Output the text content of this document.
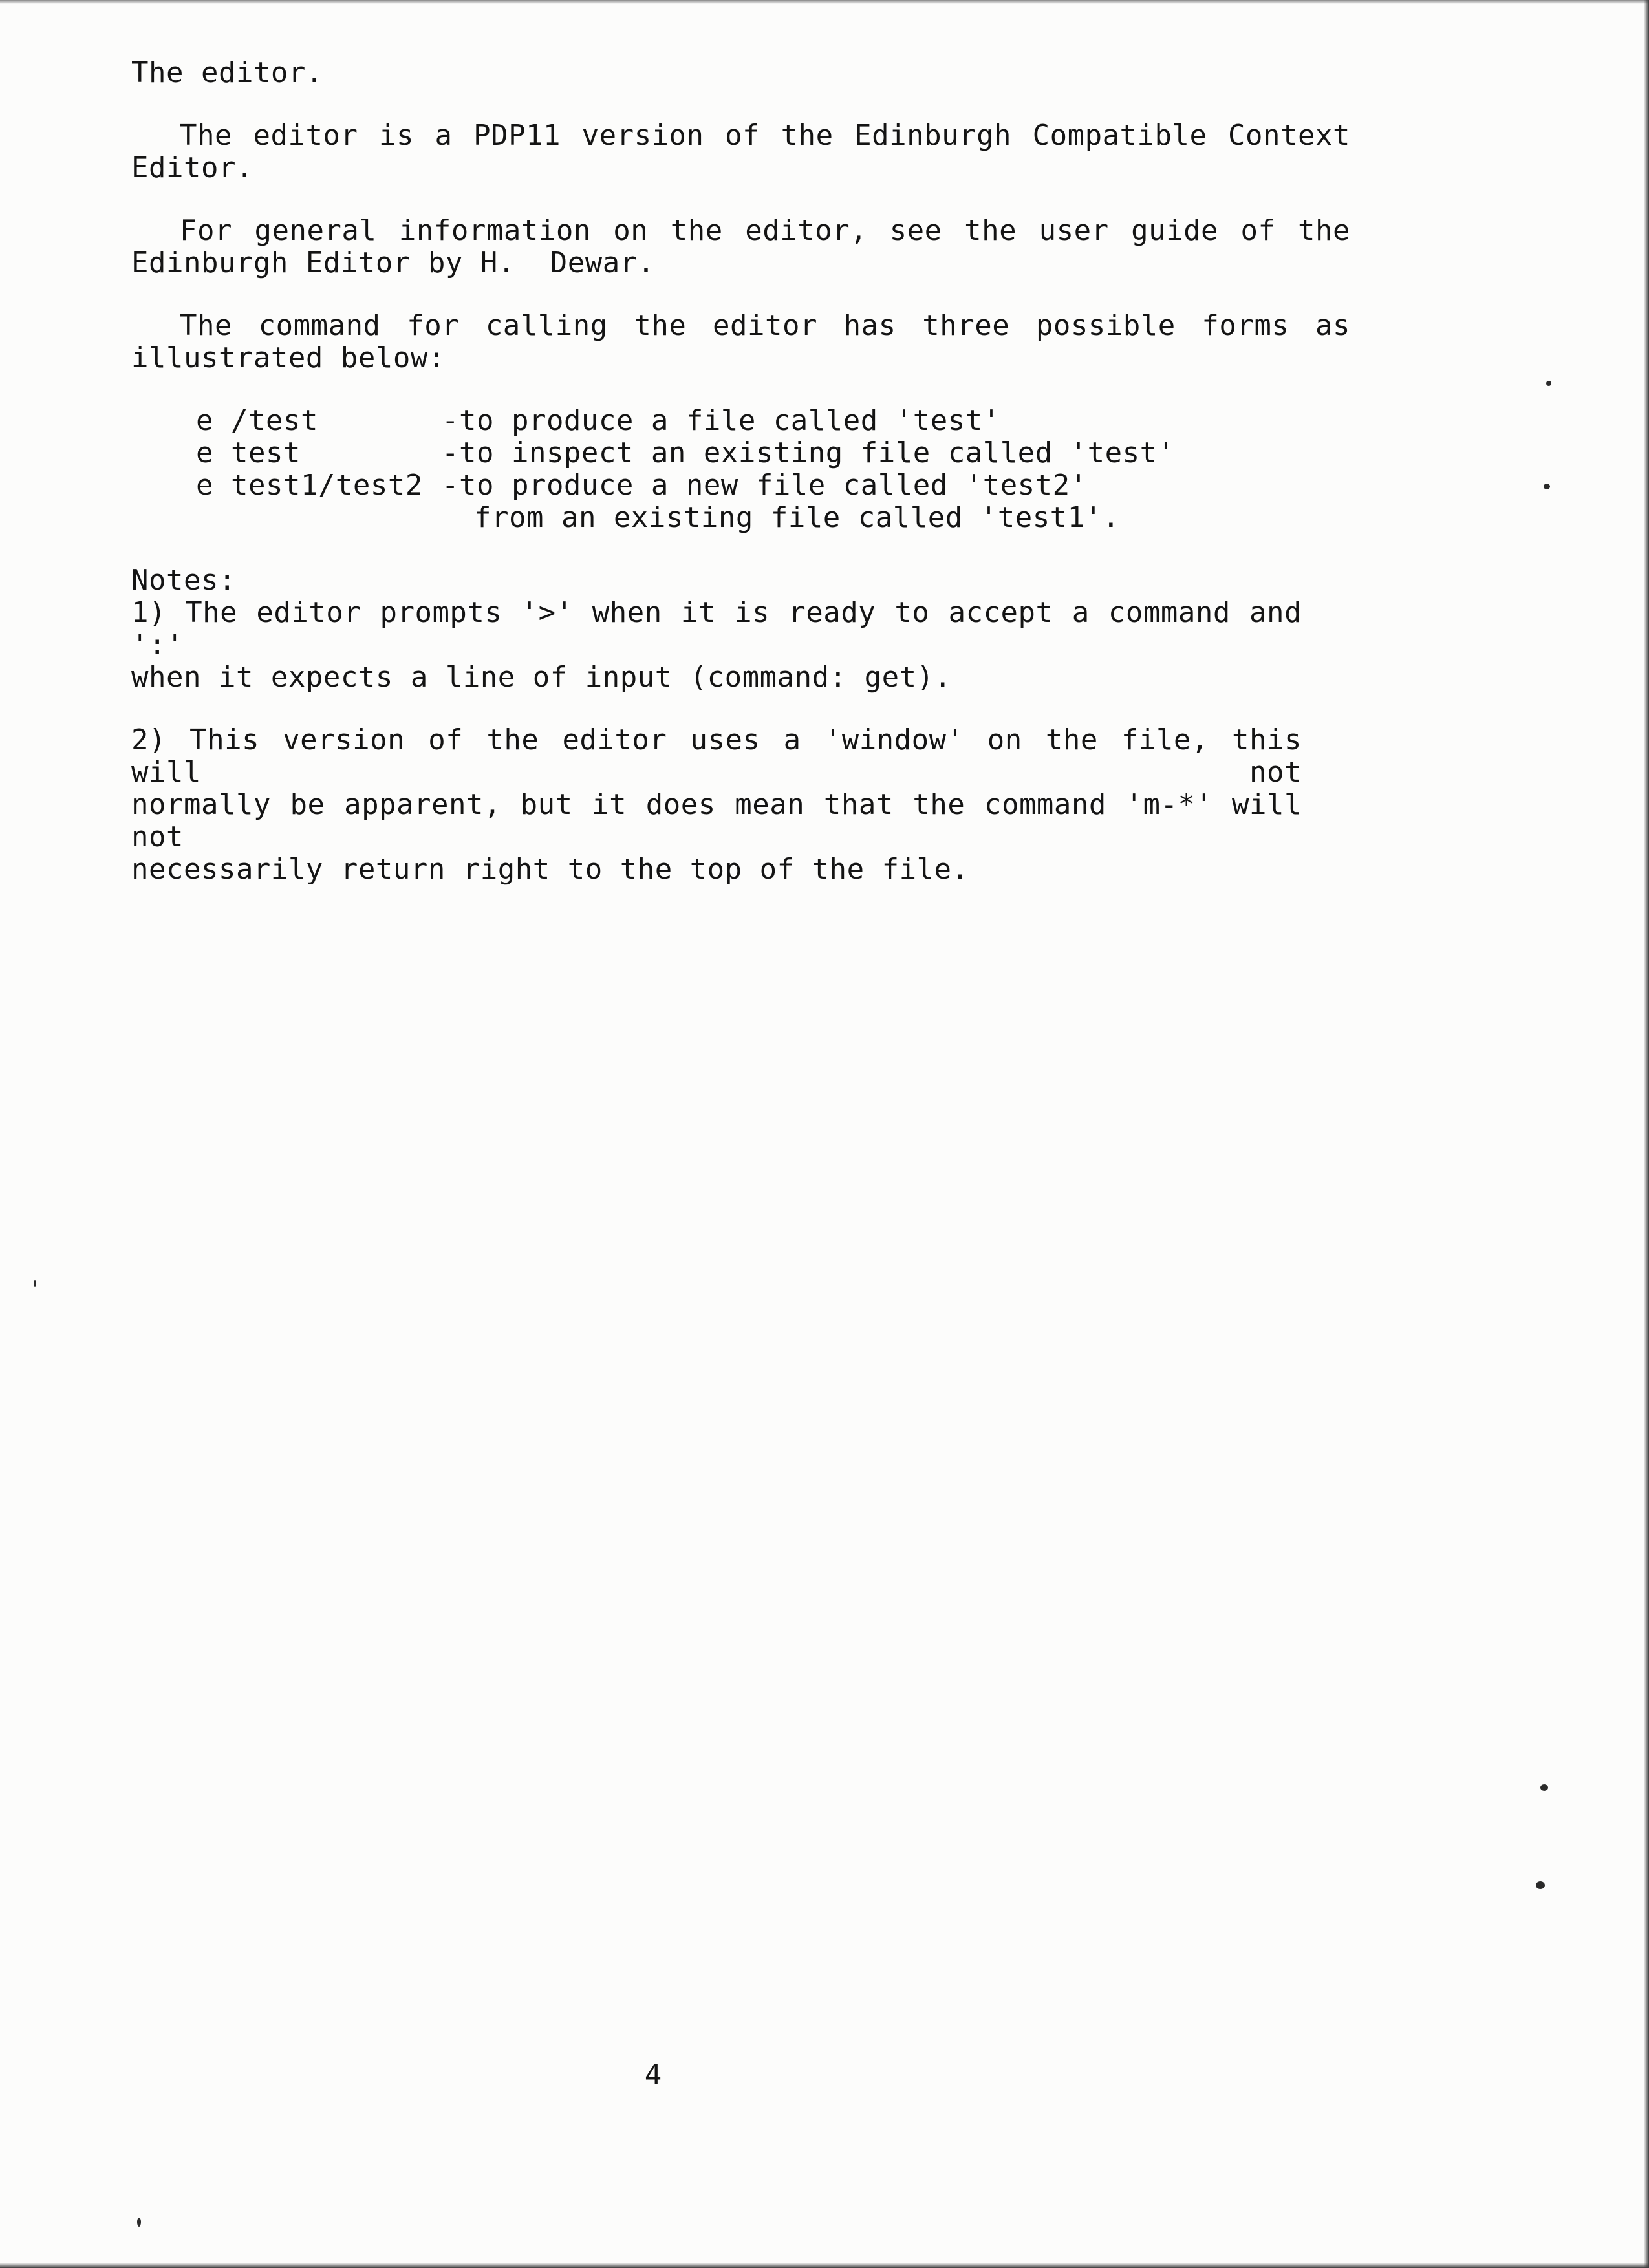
The editor.
The editor is a PDP11 version of the Edinburgh Compatible Context
Editor.
For general information on the editor, see the user guide of the
Edinburgh Editor by H.  Dewar.
The command for calling the editor has three possible forms as
illustrated below:
e /test	-to produce a file called 'test'
e test	-to inspect an existing file called 'test'
e test1/test2 -to produce a new file called 'test2'
from an existing file called 'test1'.
Notes:
1) The editor prompts '>' when it is ready to accept a command and ':'
when it expects a line of input (command: get).
2) This version of the editor uses a 'window' on the file, this will not
normally be apparent, but it does mean that the command 'm-*' will not
necessarily return right to the top of the file.
4
